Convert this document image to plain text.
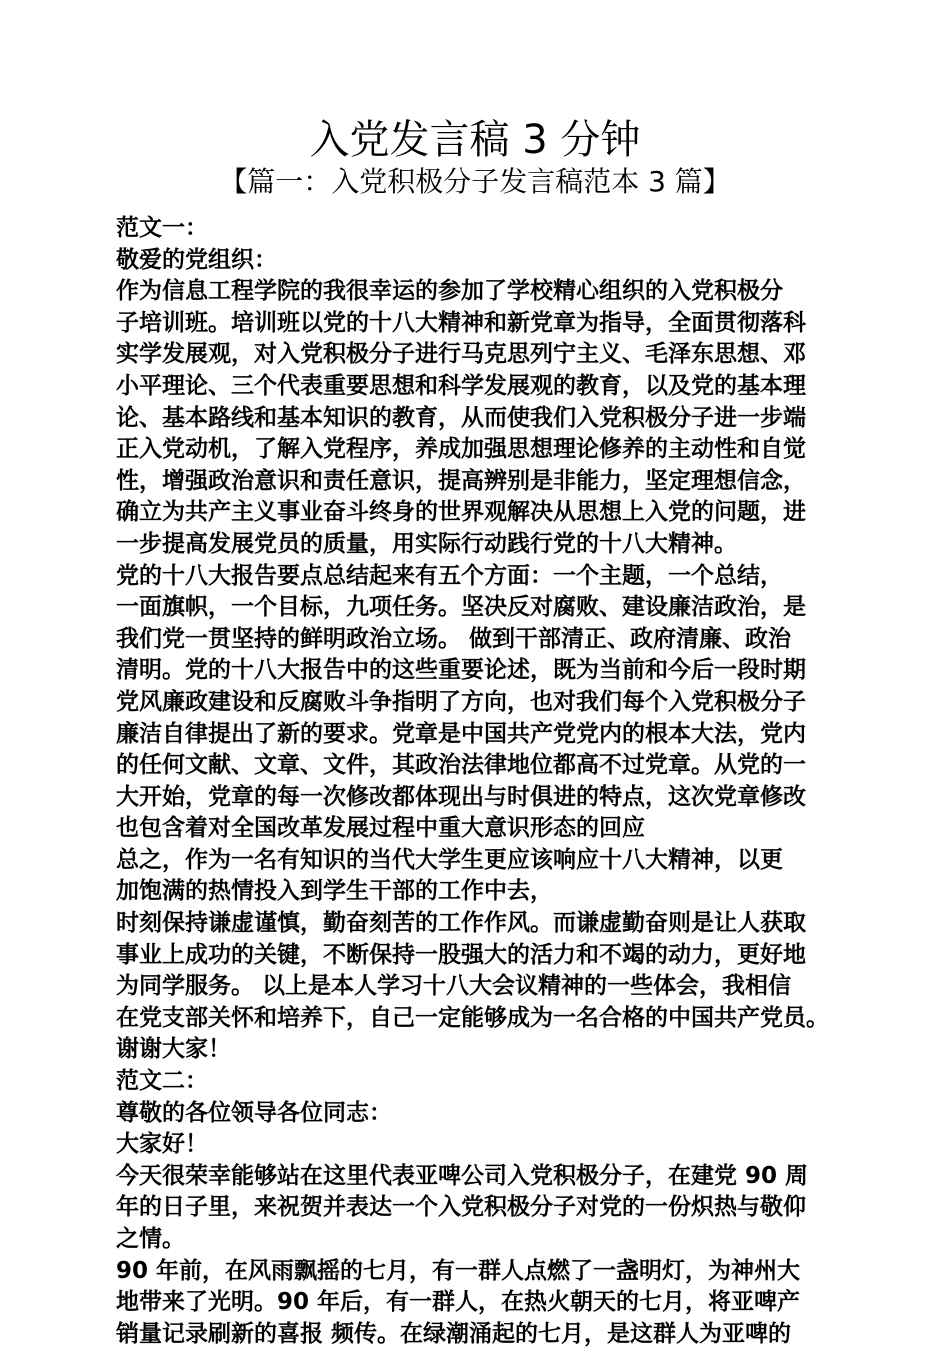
入党发言稿 3 分钟
【篇一：入党积极分子发言稿范本 3 篇】
范文一：
敬爱的党组织：
作为信息工程学院的我很幸运的参加了学校精心组织的入党积极分
子培训班。培训班以党的十八大精神和新党章为指导，全面贯彻落科
实学发展观，对入党积极分子进行马克思列宁主义、毛泽东思想、邓
小平理论、三个代表重要思想和科学发展观的教育，以及党的基本理
论、基本路线和基本知识的教育，从而使我们入党积极分子进一步端
正入党动机，了解入党程序，养成加强思想理论修养的主动性和自觉
性，增强政治意识和责任意识，提高辨别是非能力，坚定理想信念，
确立为共产主义事业奋斗终身的世界观解决从思想上入党的问题，进
一步提高发展党员的质量，用实际行动践行党的十八大精神。
党的十八大报告要点总结起来有五个方面：一个主题，一个总结，
一面旗帜，一个目标，九项任务。坚决反对腐败、建设廉洁政治，是
我们党一贯坚持的鲜明政治立场。 做到干部清正、政府清廉、政治
清明。党的十八大报告中的这些重要论述，既为当前和今后一段时期
党风廉政建设和反腐败斗争指明了方向，也对我们每个入党积极分子
廉洁自律提出了新的要求。党章是中国共产党党内的根本大法，党内
的任何文献、文章、文件，其政治法律地位都高不过党章。从党的一
大开始，党章的每一次修改都体现出与时俱进的特点，这次党章修改
也包含着对全国改革发展过程中重大意识形态的回应
总之，作为一名有知识的当代大学生更应该响应十八大精神，以更
加饱满的热情投入到学生干部的工作中去，
时刻保持谦虚谨慎，勤奋刻苦的工作作风。而谦虚勤奋则是让人获取
事业上成功的关键，不断保持一股强大的活力和不竭的动力，更好地
为同学服务。 以上是本人学习十八大会议精神的一些体会，我相信
在党支部关怀和培养下，自己一定能够成为一名合格的中国共产党员。
谢谢大家！
范文二：
尊敬的各位领导各位同志：
大家好！
今天很荣幸能够站在这里代表亚啤公司入党积极分子，在建党 90 周
年的日子里，来祝贺并表达一个入党积极分子对党的一份炽热与敬仰
之情。
90 年前，在风雨飘摇的七月，有一群人点燃了一盏明灯，为神州大
地带来了光明。90 年后，有一群人，在热火朝天的七月，将亚啤产
销量记录刷新的喜报 频传。在绿潮涌起的七月，是这群人为亚啤的
